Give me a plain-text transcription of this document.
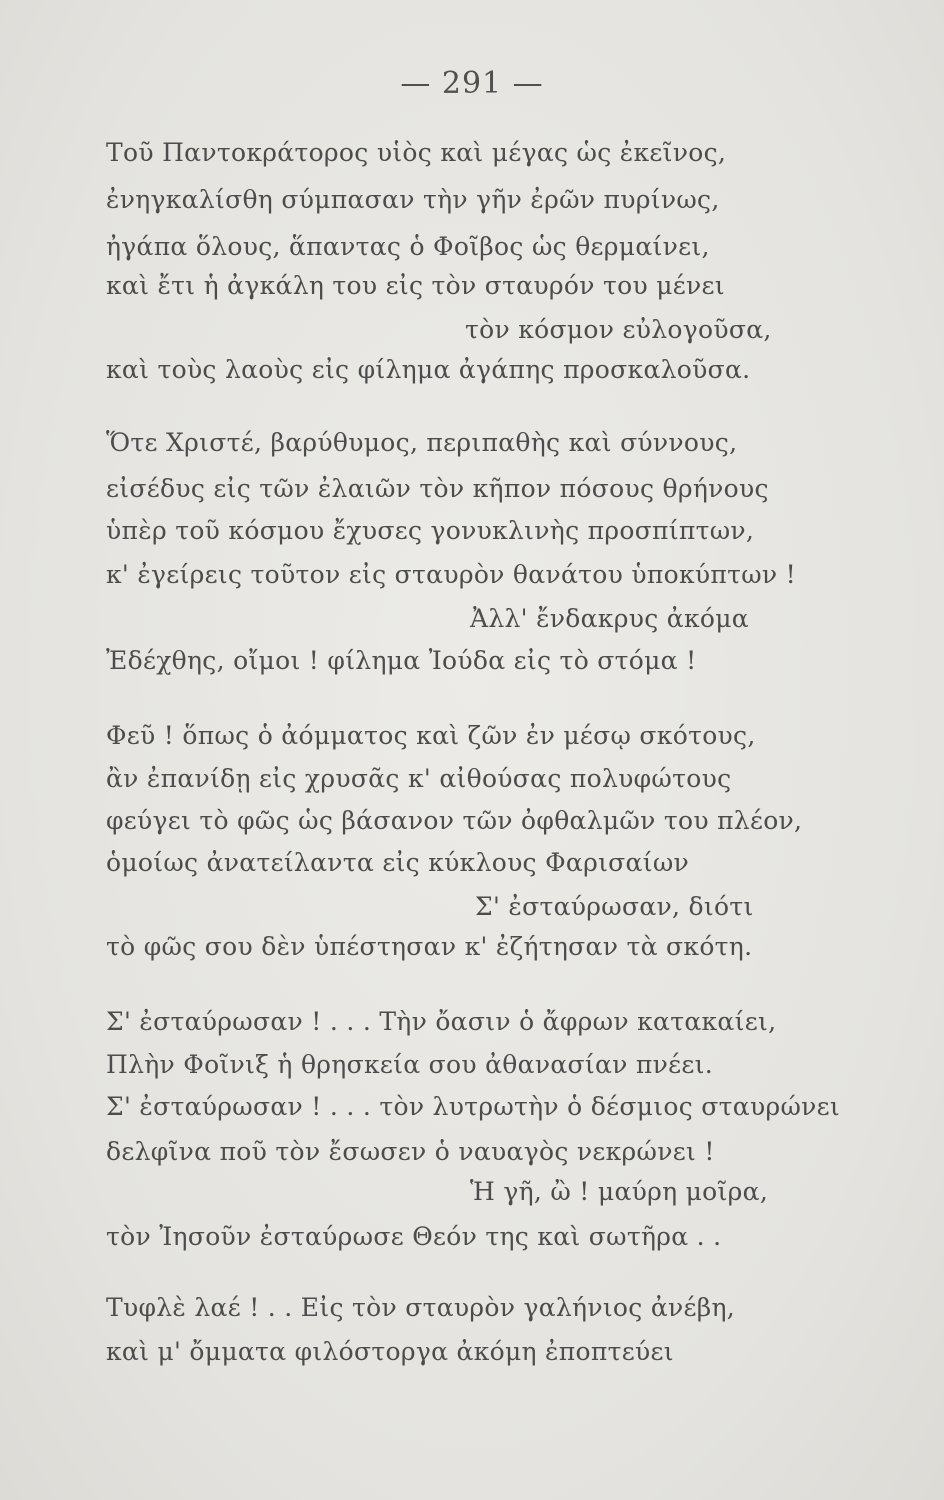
— 291 —
Τοῦ Παντοκράτορος υἱὸς καὶ μέγας ὡς ἐκεῖνος,
ἐνηγκαλίσθη σύμπασαν τὴν γῆν ἐρῶν πυρίνως,
ἠγάπα ὅλους, ἅπαντας ὁ Φοῖβος ὡς θερμαίνει,
καὶ ἔτι ἡ ἀγκάλη του εἰς τὸν σταυρόν του μένει
τὸν κόσμον εὐλογοῦσα,
καὶ τοὺς λαοὺς εἰς φίλημα ἀγάπης προσκαλοῦσα.
Ὅτε Χριστέ, βαρύθυμος, περιπαθὴς καὶ σύννους,
εἰσέδυς εἰς τῶν ἐλαιῶν τὸν κῆπον πόσους θρήνους
ὑπὲρ τοῦ κόσμου ἔχυσες γονυκλινὴς προσπίπτων,
κ' ἐγείρεις τοῦτον εἰς σταυρὸν θανάτου ὑποκύπτων !
Ἀλλ' ἔνδακρυς ἀκόμα
Ἐδέχθης, οἴμοι ! φίλημα Ἰούδα εἰς τὸ στόμα !
Φεῦ ! ὅπως ὁ ἀόμματος καὶ ζῶν ἐν μέσῳ σκότους,
ἂν ἐπανίδῃ εἰς χρυσᾶς κ' αἰθούσας πολυφώτους
φεύγει τὸ φῶς ὡς βάσανον τῶν ὀφθαλμῶν του πλέον,
ὁμοίως ἀνατείλαντα εἰς κύκλους Φαρισαίων
Σ' ἐσταύρωσαν, διότι
τὸ φῶς σου δὲν ὑπέστησαν κ' ἐζήτησαν τὰ σκότη.
Σ' ἐσταύρωσαν ! . . . Τὴν ὄασιν ὁ ἄφρων κατακαίει,
Πλὴν Φοῖνιξ ἡ θρησκεία σου ἀθανασίαν πνέει.
Σ' ἐσταύρωσαν ! . . . τὸν λυτρωτὴν ὁ δέσμιος σταυρώνει
δελφῖνα ποῦ τὸν ἔσωσεν ὁ ναυαγὸς νεκρώνει !
Ἡ γῆ, ὢ ! μαύρη μοῖρα,
τὸν Ἰησοῦν ἐσταύρωσε Θεόν της καὶ σωτῆρα . .
Τυφλὲ λαέ ! . . Εἰς τὸν σταυρὸν γαλήνιος ἀνέβη,
καὶ μ' ὄμματα φιλόστοργα ἀκόμη ἐποπτεύει
